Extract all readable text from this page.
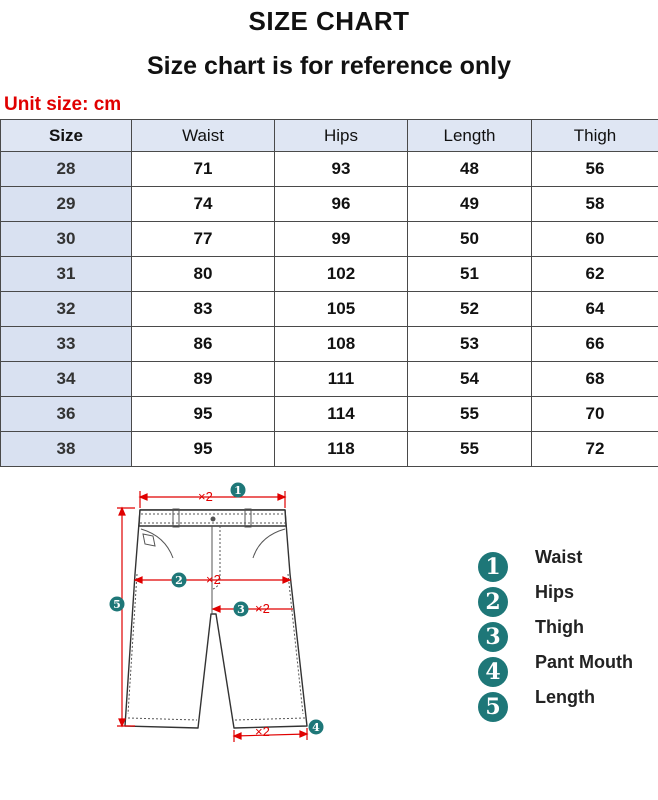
SIZE CHART
Size chart is for reference only
Unit size: cm
Size	Waist	Hips	Length	Thigh
28	71	93	48	56
29	74	96	49	58
30	77	99	50	60
31	80	102	51	62
32	83	105	52	64
33	86	108	53	66
34	89	111	54	68
36	95	114	55	70
38	95	118	55	72
×2
×2
×2
×2
1
2
3
4
5
1	Waist
2	Hips
3	Thigh
4	Pant Mouth
5	Length
